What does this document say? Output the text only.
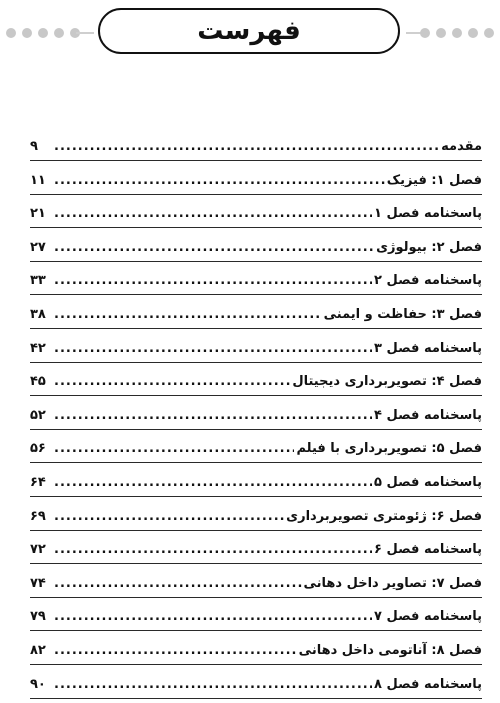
فهرست
مقدمه
.....
۹
فصل ۱: فیزیک
.....
۱۱
پاسخنامه فصل ۱
.....
۲۱
فصل ۲: بیولوژی
.....
۲۷
پاسخنامه فصل ۲
.....
۳۳
فصل ۳: حفاظت و ایمنی
.....
۳۸
پاسخنامه فصل ۳
.....
۴۲
فصل ۴: تصویربرداری دیجیتال
.....
۴۵
پاسخنامه فصل ۴
.....
۵۲
فصل ۵: تصویربرداری با فیلم
.....
۵۶
پاسخنامه فصل ۵
.....
۶۴
فصل ۶: ژئومتری تصویربرداری
.....
۶۹
پاسخنامه فصل ۶
.....
۷۲
فصل ۷: تصاویر داخل دهانی
.....
۷۴
پاسخنامه فصل ۷
.....
۷۹
فصل ۸: آناتومی داخل دهانی
.....
۸۲
پاسخنامه فصل ۸
.....
۹۰
